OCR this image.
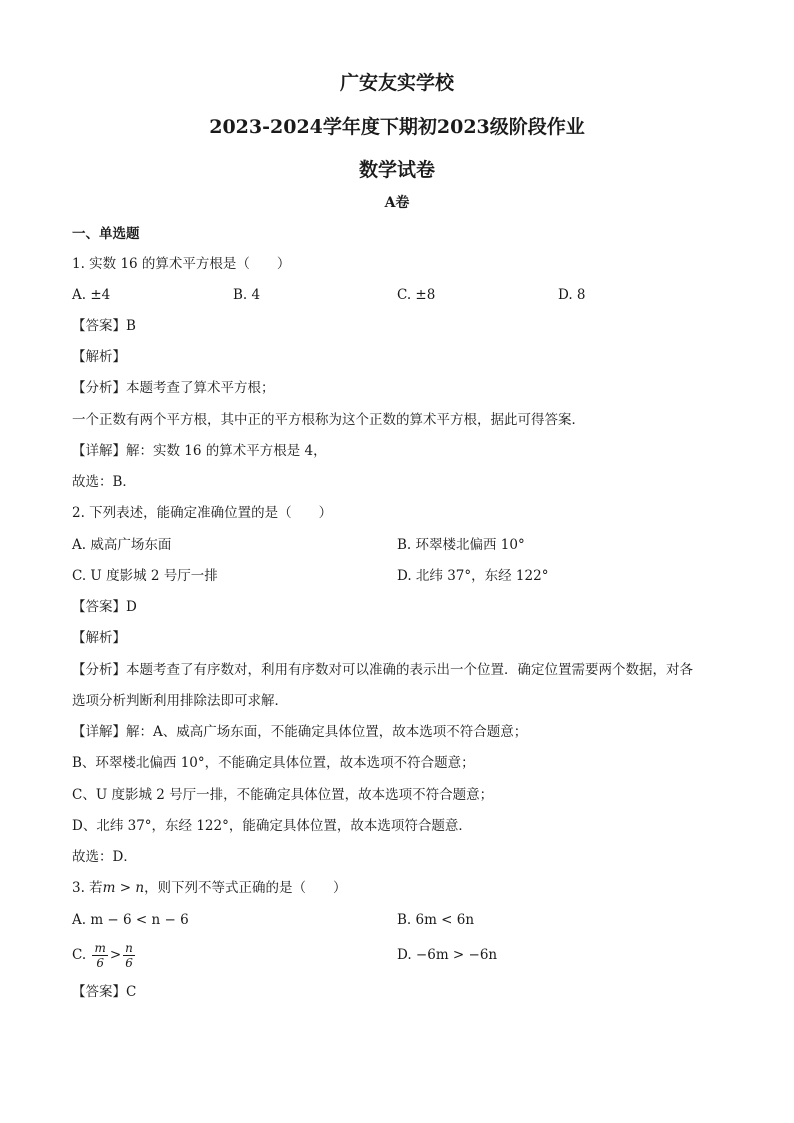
广安友实学校
2023-2024学年度下期初2023级阶段作业
数学试卷
A卷
一、单选题
1. 实数 16 的算术平方根是（　　）
A. ±4	B. 4	C. ±8	D. 8
【答案】B
【解析】
【分析】本题考查了算术平方根；
一个正数有两个平方根，其中正的平方根称为这个正数的算术平方根，据此可得答案．
【详解】解：实数 16 的算术平方根是 4，
故选：B．
2. 下列表述，能确定准确位置的是（　　）
A. 威高广场东面	B. 环翠楼北偏西 10°
C. U 度影城 2 号厅一排	D. 北纬 37°，东经 122°
【答案】D
【解析】
【分析】本题考查了有序数对，利用有序数对可以准确的表示出一个位置．确定位置需要两个数据，对各
选项分析判断利用排除法即可求解．
【详解】解：A、威高广场东面，不能确定具体位置，故本选项不符合题意；
B、环翠楼北偏西 10°，不能确定具体位置，故本选项不符合题意；
C、U 度影城 2 号厅一排，不能确定具体位置，故本选项不符合题意；
D、北纬 37°，东经 122°，能确定具体位置，故本选项符合题意．
故选：D．
3. 若m > n，则下列不等式正确的是（　　）
A. m − 6 < n − 6	B. 6m < 6n
C. $\frac{m}{6} > \frac{n}{6}$	D. −6m > −6n
【答案】C
